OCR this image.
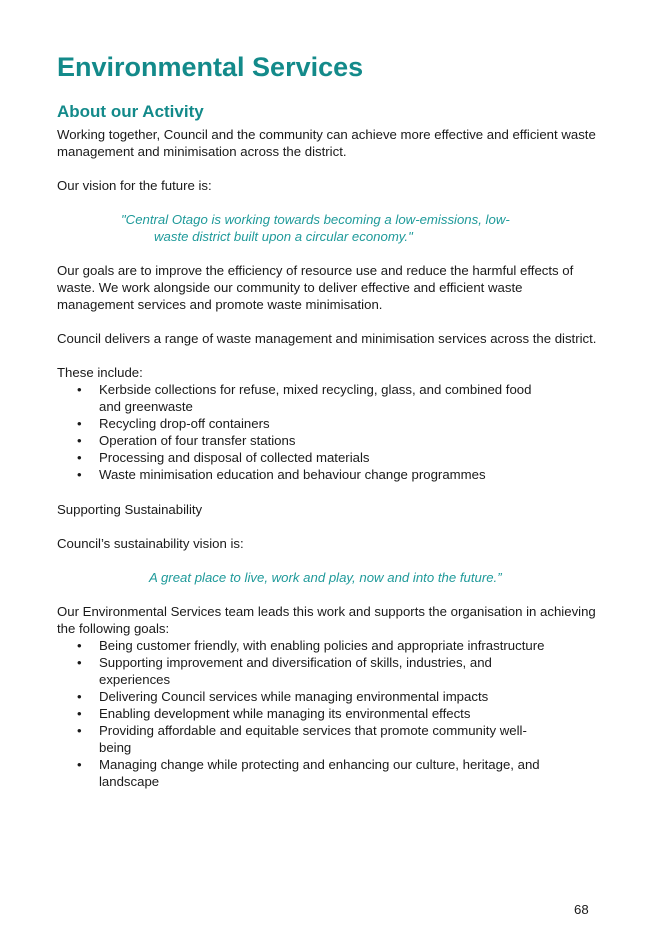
Environmental Services
About our Activity

Working together, Council and the community can achieve more effective and efficient waste management and minimisation across the district.

Our vision for the future is:

"Central Otago is working towards becoming a low-emissions, low-

waste district built upon a circular economy."

Our goals are to improve the efficiency of resource use and reduce the harmful effects of waste. We work alongside our community to deliver effective and efficient waste management services and promote waste minimisation.

Council delivers a range of waste management and minimisation services across the district.

These include:

• Kerbside collections for refuse, mixed recycling, glass, and combined food and greenwaste
• Recycling drop-off containers
• Operation of four transfer stations
• Processing and disposal of collected materials
• Waste minimisation education and behaviour change programmes

Supporting Sustainability

Council’s sustainability vision is:

A great place to live, work and play, now and into the future.”

Our Environmental Services team leads this work and supports the organisation in achieving the following goals:

• Being customer friendly, with enabling policies and appropriate infrastructure
• Supporting improvement and diversification of skills, industries, and experiences
• Delivering Council services while managing environmental impacts
• Enabling development while managing its environmental effects
• Providing affordable and equitable services that promote community well-being
• Managing change while protecting and enhancing our culture, heritage, and landscape
68
